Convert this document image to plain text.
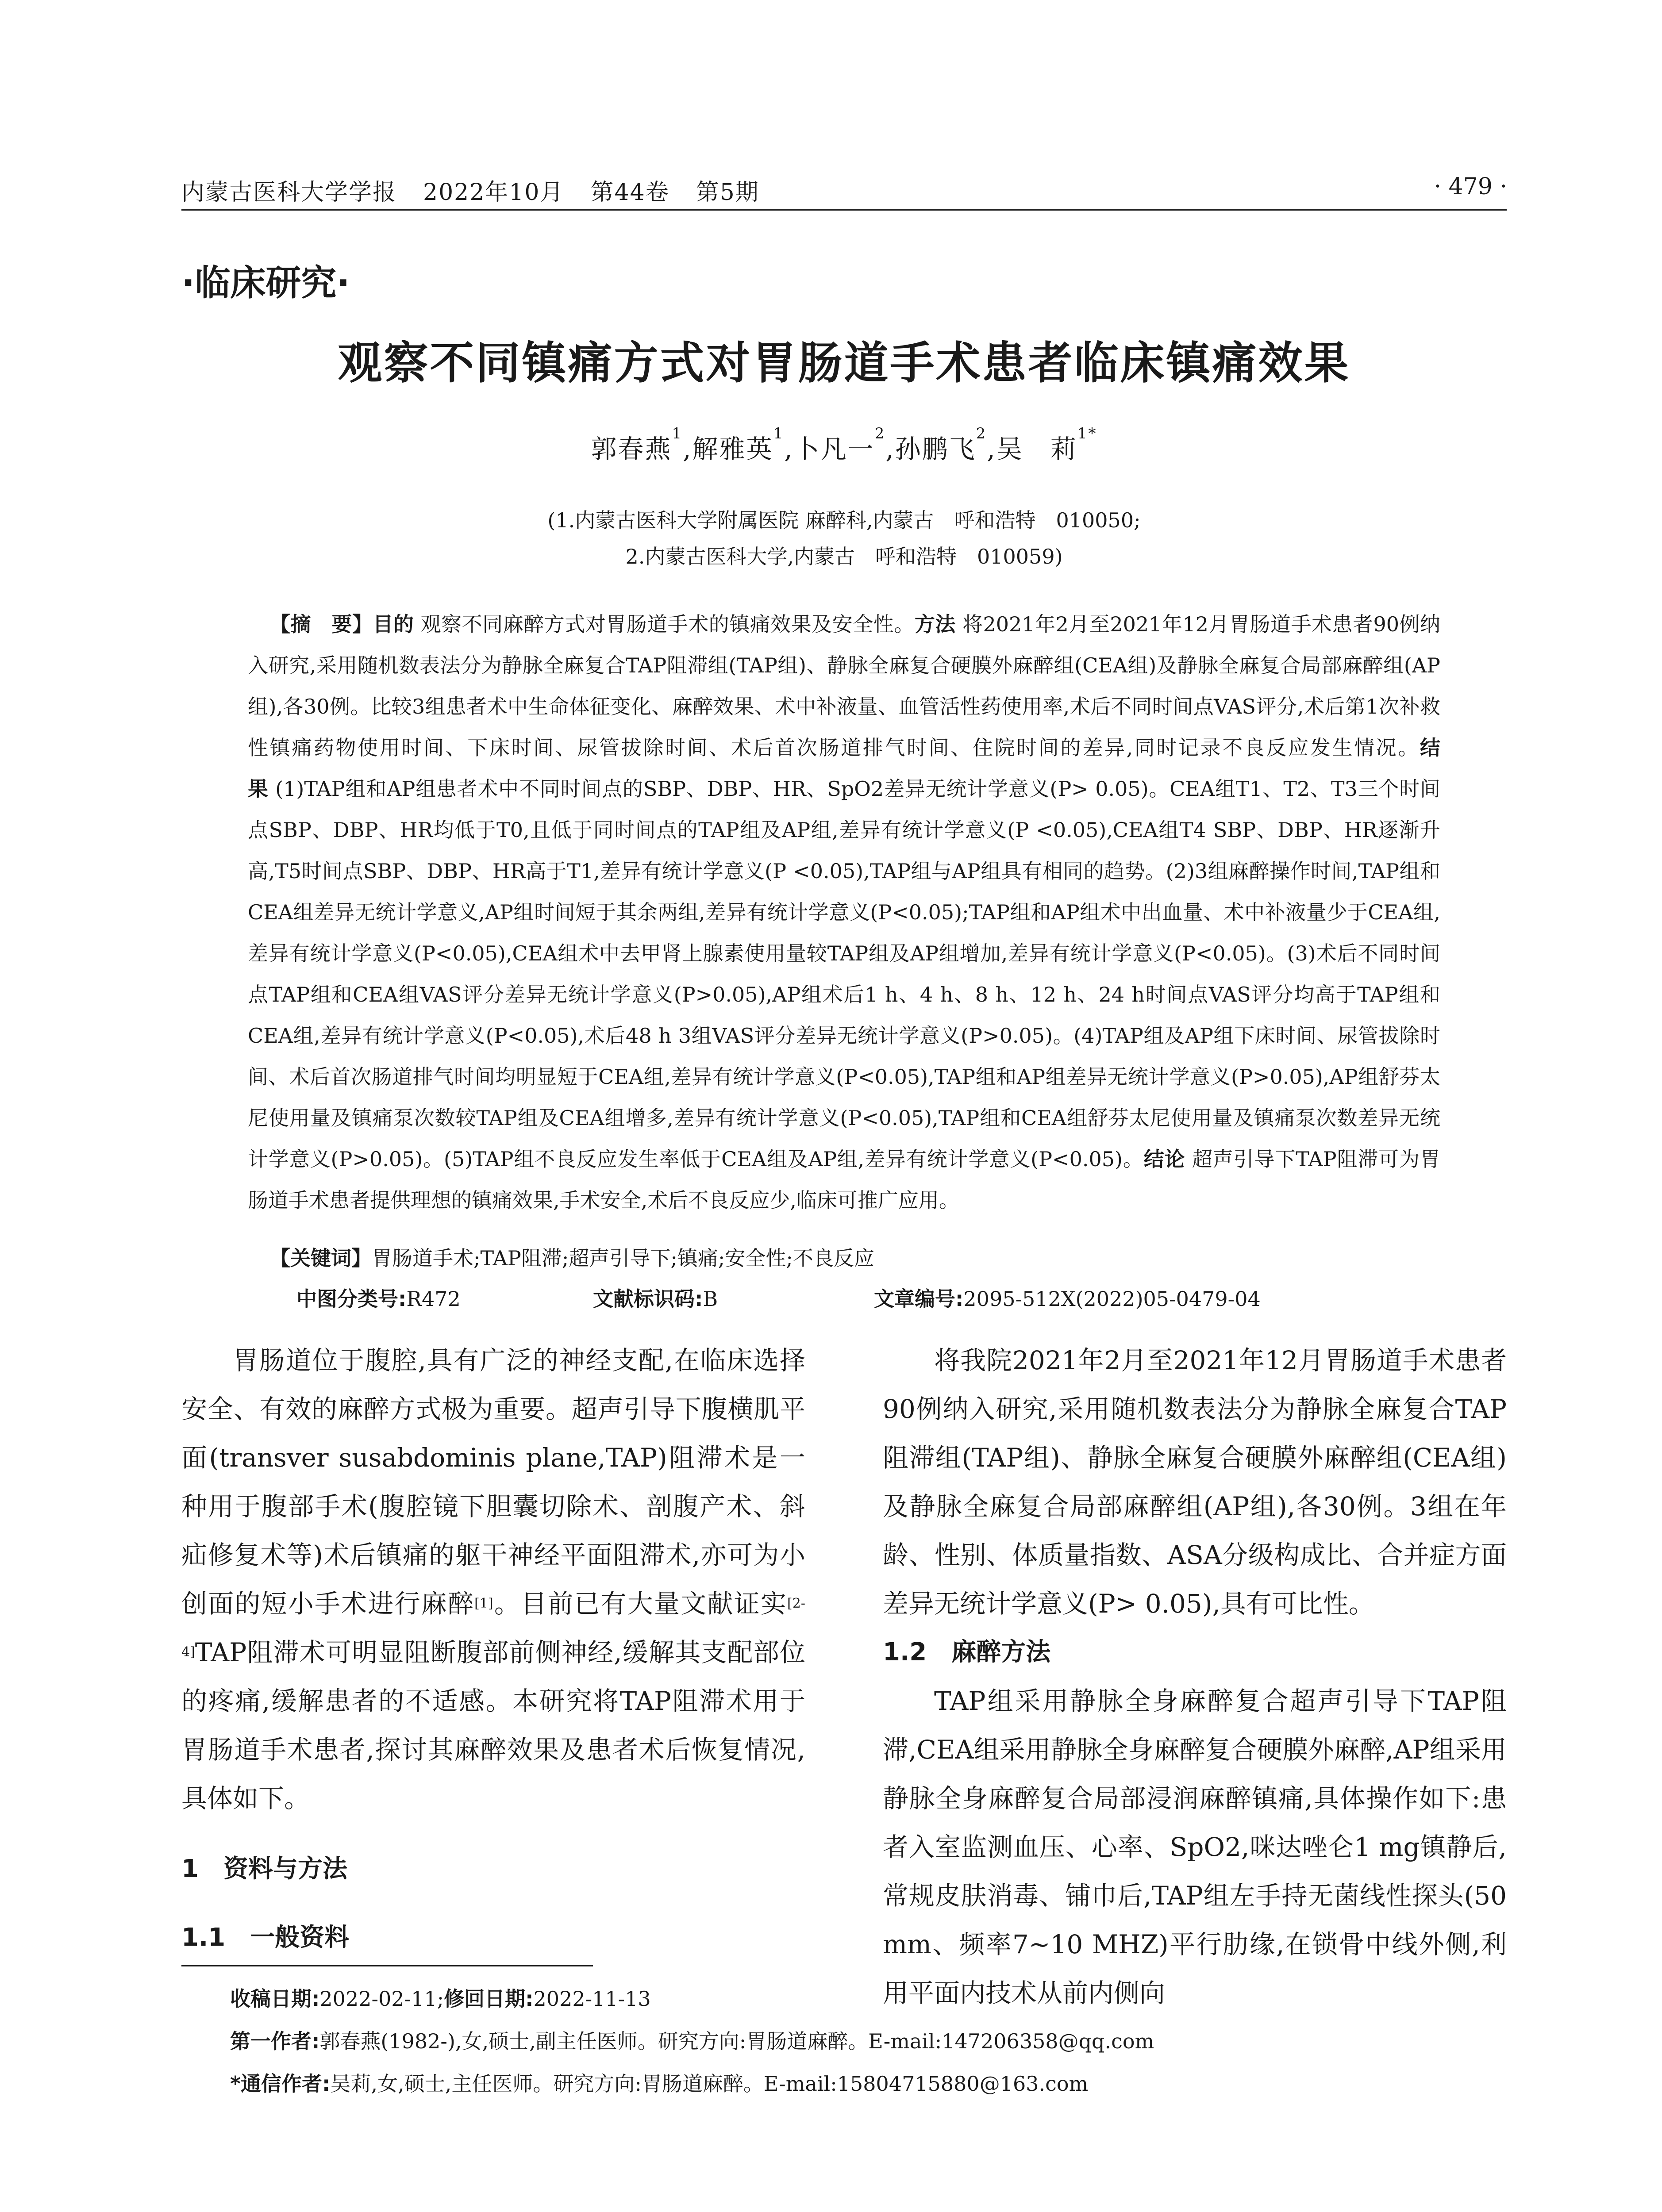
内蒙古医科大学学报 2022年10月 第44卷 第5期	· 479 ·
·临床研究·
观察不同镇痛方式对胃肠道手术患者临床镇痛效果
郭春燕$^1$,解雅英$^1$,卜凡一$^2$,孙鹏飞$^2$,吴　莉$^{1*}$
(1.内蒙古医科大学附属医院 麻醉科,内蒙古　呼和浩特　010050;
2.内蒙古医科大学,内蒙古　呼和浩特　010059)
【摘　要】目的 观察不同麻醉方式对胃肠道手术的镇痛效果及安全性。方法 将2021年2月至2021年12月胃肠道手术患者90例纳入研究,采用随机数表法分为静脉全麻复合TAP阻滞组(TAP组)、静脉全麻复合硬膜外麻醉组(CEA组)及静脉全麻复合局部麻醉组(AP组),各30例。比较3组患者术中生命体征变化、麻醉效果、术中补液量、血管活性药使用率,术后不同时间点VAS评分,术后第1次补救性镇痛药物使用时间、下床时间、尿管拔除时间、术后首次肠道排气时间、住院时间的差异,同时记录不良反应发生情况。结果 (1)TAP组和AP组患者术中不同时间点的SBP、DBP、HR、SpO2差异无统计学意义(P> 0.05)。CEA组T1、T2、T3三个时间点SBP、DBP、HR均低于T0,且低于同时间点的TAP组及AP组,差异有统计学意义(P <0.05),CEA组T4 SBP、DBP、HR逐渐升高,T5时间点SBP、DBP、HR高于T1,差异有统计学意义(P <0.05),TAP组与AP组具有相同的趋势。(2)3组麻醉操作时间,TAP组和CEA组差异无统计学意义,AP组时间短于其余两组,差异有统计学意义(P<0.05);TAP组和AP组术中出血量、术中补液量少于CEA组,差异有统计学意义(P<0.05),CEA组术中去甲肾上腺素使用量较TAP组及AP组增加,差异有统计学意义(P<0.05)。(3)术后不同时间点TAP组和CEA组VAS评分差异无统计学意义(P>0.05),AP组术后1 h、4 h、8 h、12 h、24 h时间点VAS评分均高于TAP组和CEA组,差异有统计学意义(P<0.05),术后48 h 3组VAS评分差异无统计学意义(P>0.05)。(4)TAP组及AP组下床时间、尿管拔除时间、术后首次肠道排气时间均明显短于CEA组,差异有统计学意义(P<0.05),TAP组和AP组差异无统计学意义(P>0.05),AP组舒芬太尼使用量及镇痛泵次数较TAP组及CEA组增多,差异有统计学意义(P<0.05),TAP组和CEA组舒芬太尼使用量及镇痛泵次数差异无统计学意义(P>0.05)。(5)TAP组不良反应发生率低于CEA组及AP组,差异有统计学意义(P<0.05)。结论 超声引导下TAP阻滞可为胃肠道手术患者提供理想的镇痛效果,手术安全,术后不良反应少,临床可推广应用。
【关键词】胃肠道手术;TAP阻滞;超声引导下;镇痛;安全性;不良反应
中图分类号:R472	文献标识码:B	文章编号:2095-512X(2022)05-0479-04

胃肠道位于腹腔,具有广泛的神经支配,在临床选择安全、有效的麻醉方式极为重要。超声引导下腹横肌平面(transver susabdominis plane,TAP)阻滞术是一种用于腹部手术(腹腔镜下胆囊切除术、剖腹产术、斜疝修复术等)术后镇痛的躯干神经平面阻滞术,亦可为小创面的短小手术进行麻醉[1]。目前已有大量文献证实[2-4]TAP阻滞术可明显阻断腹部前侧神经,缓解其支配部位的疼痛,缓解患者的不适感。本研究将TAP阻滞术用于胃肠道手术患者,探讨其麻醉效果及患者术后恢复情况,具体如下。

1　资料与方法
1.1　一般资料

将我院2021年2月至2021年12月胃肠道手术患者90例纳入研究,采用随机数表法分为静脉全麻复合TAP阻滞组(TAP组)、静脉全麻复合硬膜外麻醉组(CEA组)及静脉全麻复合局部麻醉组(AP组),各30例。3组在年龄、性别、体质量指数、ASA分级构成比、合并症方面差异无统计学意义(P> 0.05),具有可比性。

1.2　麻醉方法

TAP组采用静脉全身麻醉复合超声引导下TAP阻滞,CEA组采用静脉全身麻醉复合硬膜外麻醉,AP组采用静脉全身麻醉复合局部浸润麻醉镇痛,具体操作如下:患者入室监测血压、心率、SpO2,咪达唑仑1 mg镇静后,常规皮肤消毒、铺巾后,TAP组左手持无菌线性探头(50 mm、频率7~10 MHZ)平行肋缘,在锁骨中线外侧,利用平面内技术从前内侧向

收稿日期:2022-02-11;修回日期:2022-11-13
第一作者:郭春燕(1982-),女,硕士,副主任医师。研究方向:胃肠道麻醉。E-mail:147206358@qq.com
*通信作者:吴莉,女,硕士,主任医师。研究方向:胃肠道麻醉。E-mail:15804715880@163.com
